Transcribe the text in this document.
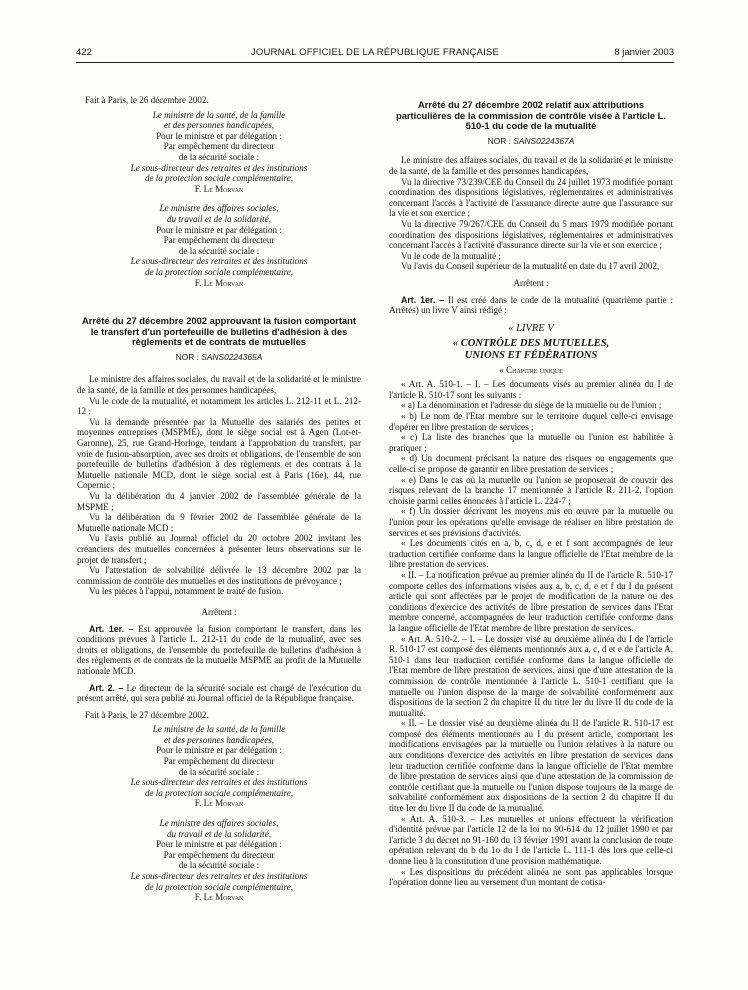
422	JOURNAL OFFICIEL DE LA RÉPUBLIQUE FRANÇAISE	8 janvier 2003

Fait à Paris, le 26 décembre 2002.

Le ministre de la santé, de la famille
et des personnes handicapées,
Pour le ministre et par délégation :
Par empêchement du directeur
de la sécurité sociale :
Le sous-directeur des retraites et des institutions
de la protection sociale complémentaire,
F. Le Morvan
Le ministre des affaires sociales,
du travail et de la solidarité,
Pour le ministre et par délégation :
Par empêchement du directeur
de la sécurité sociale :
Le sous-directeur des retraites et des institutions
de la protection sociale complémentaire,
F. Le Morvan

Arrêté du 27 décembre 2002 approuvant la fusion comportant le transfert d'un portefeuille de bulletins d'adhésion à des règlements et de contrats de mutuelles

NOR : SANS0224365A

Le ministre des affaires sociales, du travail et de la solidarité et le ministre de la santé, de la famille et des personnes handicapées,

Vu le code de la mutualité, et notamment les articles L. 212-11 et L. 212-12 ;

Vu la demande présentée par la Mutuelle des salariés des petites et moyennes entreprises (MSPME), dont le siège social est à Agen (Lot-et-Garonne), 25, rue Grand-Horloge, tendant à l'approbation du transfert, par voie de fusion-absorption, avec ses droits et obligations, de l'ensemble de son portefeuille de bulletins d'adhésion à des règlements et des contrats à la Mutuelle nationale MCD, dont le siège social est à Paris (16e), 44, rue Copernic ;

Vu la délibération du 4 janvier 2002 de l'assemblée générale de la MSPME ;

Vu la délibération du 9 février 2002 de l'assemblée générale de la Mutuelle nationale MCD ;

Vu l'avis publié au Journal officiel du 20 octobre 2002 invitant les créanciers des mutuelles concernées à présenter leurs observations sur le projet de transfert ;

Vu l'attestation de solvabilité délivrée le 13 décembre 2002 par la commission de contrôle des mutuelles et des institutions de prévoyance ;

Vu les pièces à l'appui, notamment le traité de fusion.

Arrêtent :

Art. 1er. – Est approuvée la fusion comportant le transfert, dans les conditions prévues à l'article L. 212-11 du code de la mutualité, avec ses droits et obligations, de l'ensemble du portefeuille de bulletins d'adhésion à des règlements et de contrats de la mutuelle MSPME au profit de la Mutuelle nationale MCD.

Art. 2. – Le directeur de la sécurité sociale est chargé de l'exécution du présent arrêté, qui sera publié au Journal officiel de la République française.

Fait à Paris, le 27 décembre 2002.

Le ministre de la santé, de la famille
et des personnes handicapées,
Pour le ministre et par délégation :
Par empêchement du directeur
de la sécurité sociale :
Le sous-directeur des retraites et des institutions
de la protection sociale complémentaire,
F. Le Morvan
Le ministre des affaires sociales,
du travail et de la solidarité,
Pour le ministre et par délégation :
Par empêchement du directeur
de la sécurité sociale :
Le sous-directeur des retraites et des institutions
de la protection sociale complémentaire,
F. Le Morvan

Arrêté du 27 décembre 2002 relatif aux attributions particulières de la commission de contrôle visée à l'article L. 510-1 du code de la mutualité

NOR : SANS0224367A

Le ministre des affaires sociales, du travail et de la solidarité et le ministre de la santé, de la famille et des personnes handicapées,

Vu la directive 73/239/CEE du Conseil du 24 juillet 1973 modifiée portant coordination des dispositions législatives, réglementaires et administratives concernant l'accès à l'activité de l'assurance directe autre que l'assurance sur la vie et son exercice ;

Vu la directive 79/267/CEE du Conseil du 5 mars 1979 modifiée portant coordination des dispositions législatives, réglementaires et administratives concernant l'accès à l'activité d'assurance directe sur la vie et son exercice ;

Vu le code de la mutualité ;

Vu l'avis du Conseil supérieur de la mutualité en date du 17 avril 2002,

Arrêtent :

Art. 1er. – Il est créé dans le code de la mutualité (quatrième partie : Arrêtés) un livre V ainsi rédigé :

« LIVRE V

« CONTRÔLE DES MUTUELLES,

UNIONS ET FÉDÉRATIONS

« Chapitre unique

« Art. A. 510-1. – I. – Les documents visés au premier alinéa du I de l'article R. 510-17 sont les suivants :

« a) La dénomination et l'adresse du siège de la mutuelle ou de l'union ;

« b) Le nom de l'Etat membre sur le territoire duquel celle-ci envisage d'opérer en libre prestation de services ;

« c) La liste des branches que la mutuelle ou l'union est habilitée à pratiquer ;

« d) Un document précisant la nature des risques ou engagements que celle-ci se propose de garantir en libre prestation de services ;

« e) Dans le cas où la mutuelle ou l'union se proposerait de couvrir des risques relevant de la branche 17 mentionnée à l'article R. 211-2, l'option choisie parmi celles énoncées à l'article L. 224-7 ;

« f) Un dossier décrivant les moyens mis en œuvre par la mutuelle ou l'union pour les opérations qu'elle envisage de réaliser en libre prestation de services et ses prévisions d'activités.

« Les documents cités en a, b, c, d, e et f sont accompagnés de leur traduction certifiée conforme dans la langue officielle de l'Etat membre de la libre prestation de services.

« II. – La notification prévue au premier alinéa du II de l'article R. 510-17 comporte celles des informations visées aux a, b, c, d, e et f du I du présent article qui sont affectées par le projet de modification de la nature ou des conditions d'exercice des activités de libre prestation de services dans l'Etat membre concerné, accompagnées de leur traduction certifiée conforme dans la langue officielle de l'Etat membre de libre prestation de services.

« Art. A. 510-2. – I. – Le dossier visé au deuxième alinéa du I de l'article R. 510-17 est composé des éléments mentionnés aux a, c, d et e de l'article A. 510-1 dans leur traduction certifiée conforme dans la langue officielle de l'Etat membre de libre prestation de services, ainsi que d'une attestation de la commission de contrôle mentionnée à l'article L. 510-1 certifiant que la mutuelle ou l'union dispose de la marge de solvabilité conformément aux dispositions de la section 2 du chapitre II du titre Ier du livre II du code de la mutualité.

« II. – Le dossier visé au deuxième alinéa du II de l'article R. 510-17 est composé des éléments mentionnés au I du présent article, comportant les modifications envisagées par la mutuelle ou l'union relatives à la nature ou aux conditions d'exercice des activités en libre prestation de services dans leur traduction certifiée conforme dans la langue officielle de l'Etat membre de libre prestation de services ainsi que d'une attestation de la commission de contrôle certifiant que la mutuelle ou l'union dispose toujours de la marge de solvabilité conformément aux dispositions de la section 2 du chapitre II du titre Ier du livre II du code de la mutualité.

« Art. A. 510-3. – Les mutuelles et unions effectuent la vérification d'identité prévue par l'article 12 de la loi no 90-614 du 12 juillet 1990 et par l'article 3 du décret no 91-160 du 13 février 1991 avant la conclusion de toute opération relevant du b du 1o du I de l'article L. 111-1 dès lors que celle-ci donne lieu à la constitution d'une provision mathématique.

« Les dispositions du précédent alinéa ne sont pas applicables lorsque l'opération donne lieu au versement d'un montant de cotisa-
